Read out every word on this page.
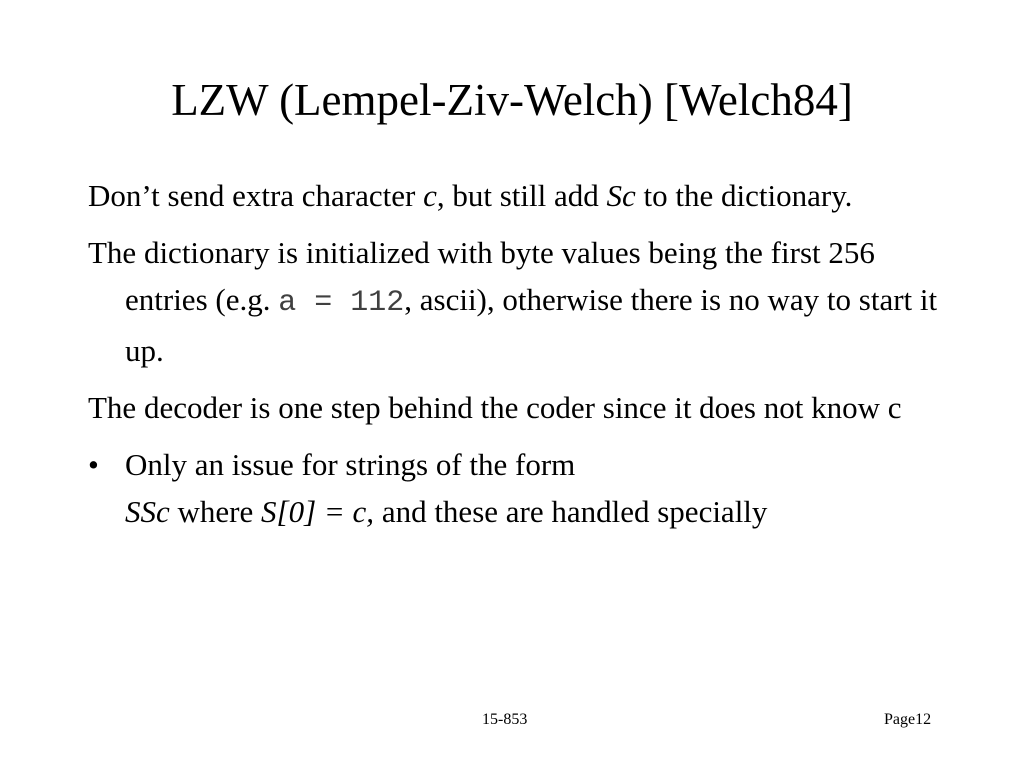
LZW (Lempel-Ziv-Welch) [Welch84]

Don’t send extra character c, but still add Sc to the dictionary.

The dictionary is initialized with byte values being the first 256 entries (e.g. a = 112, ascii), otherwise there is no way to start it up.

The decoder is one step behind the coder since it does not know c

• Only an issue for strings of the form
SSc where S[0] = c, and these are handled specially

15-853	Page12
